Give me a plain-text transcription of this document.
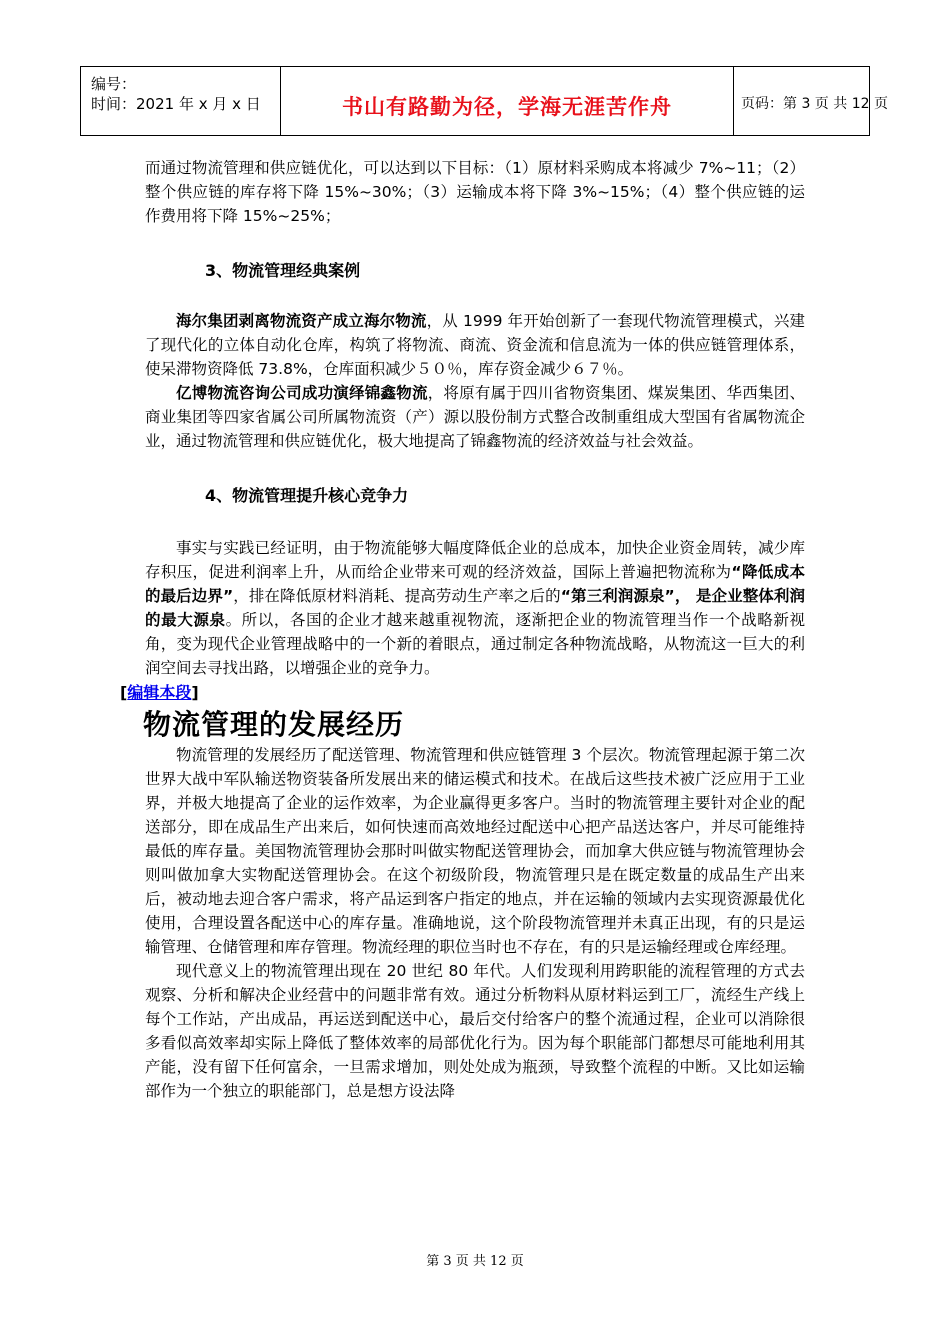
编号：
时间：2021 年 x 月 x 日	书山有路勤为径，学海无涯苦作舟	页码：第 3 页 共 12 页

而通过物流管理和供应链优化，可以达到以下目标：（1）原材料采购成本将减少 7%~11；（2）整个供应链的库存将下降 15%~30%；（3）运输成本将下降 3%~15%；（4）整个供应链的运作费用将下降 15%~25%；

3、物流管理经典案例

海尔集团剥离物流资产成立海尔物流，从 1999 年开始创新了一套现代物流管理模式，兴建了现代化的立体自动化仓库，构筑了将物流、商流、资金流和信息流为一体的供应链管理体系，使呆滞物资降低 73.8%，仓库面积减少５０％，库存资金减少６７％。

亿博物流咨询公司成功演绎锦鑫物流，将原有属于四川省物资集团、煤炭集团、华西集团、商业集团等四家省属公司所属物流资（产）源以股份制方式整合改制重组成大型国有省属物流企业，通过物流管理和供应链优化，极大地提高了锦鑫物流的经济效益与社会效益。

4、物流管理提升核心竞争力

事实与实践已经证明，由于物流能够大幅度降低企业的总成本，加快企业资金周转，减少库存积压，促进利润率上升，从而给企业带来可观的经济效益，国际上普遍把物流称为“降低成本的最后边界”，排在降低原材料消耗、提高劳动生产率之后的“第三利润源泉”， 是企业整体利润的最大源泉。所以，各国的企业才越来越重视物流，逐渐把企业的物流管理当作一个战略新视角，变为现代企业管理战略中的一个新的着眼点，通过制定各种物流战略，从物流这一巨大的利润空间去寻找出路，以增强企业的竞争力。

[编辑本段]

物流管理的发展经历

物流管理的发展经历了配送管理、物流管理和供应链管理 3 个层次。物流管理起源于第二次世界大战中军队输送物资装备所发展出来的储运模式和技术。在战后这些技术被广泛应用于工业界，并极大地提高了企业的运作效率，为企业赢得更多客户。当时的物流管理主要针对企业的配送部分，即在成品生产出来后，如何快速而高效地经过配送中心把产品送达客户，并尽可能维持最低的库存量。美国物流管理协会那时叫做实物配送管理协会，而加拿大供应链与物流管理协会则叫做加拿大实物配送管理协会。在这个初级阶段，物流管理只是在既定数量的成品生产出来后，被动地去迎合客户需求，将产品运到客户指定的地点，并在运输的领域内去实现资源最优化使用，合理设置各配送中心的库存量。准确地说，这个阶段物流管理并未真正出现，有的只是运输管理、仓储管理和库存管理。物流经理的职位当时也不存在，有的只是运输经理或仓库经理。

现代意义上的物流管理出现在 20 世纪 80 年代。人们发现利用跨职能的流程管理的方式去观察、分析和解决企业经营中的问题非常有效。通过分析物料从原材料运到工厂，流经生产线上每个工作站，产出成品，再运送到配送中心，最后交付给客户的整个流通过程，企业可以消除很多看似高效率却实际上降低了整体效率的局部优化行为。因为每个职能部门都想尽可能地利用其产能，没有留下任何富余，一旦需求增加，则处处成为瓶颈，导致整个流程的中断。又比如运输部作为一个独立的职能部门，总是想方设法降

第 3 页 共 12 页
